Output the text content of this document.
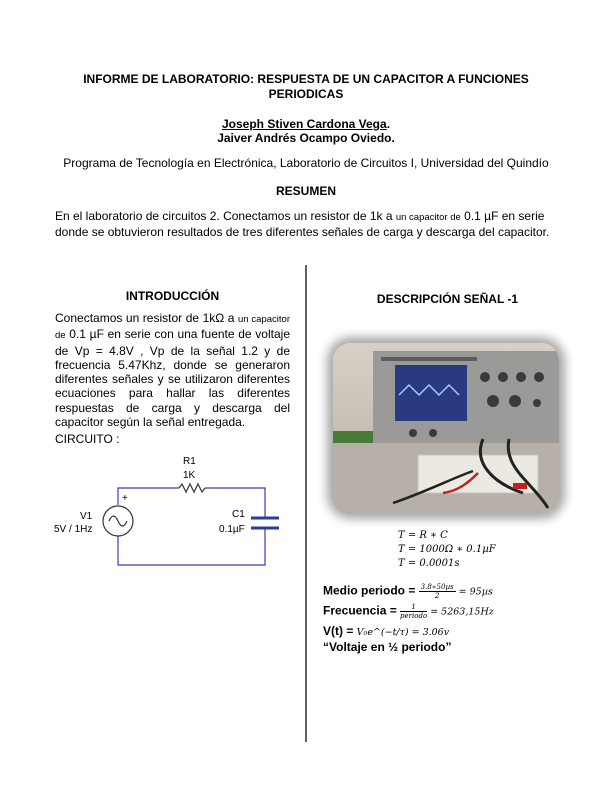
INFORME DE LABORATORIO: RESPUESTA DE UN CAPACITOR A FUNCIONES PERIODICAS
Joseph Stiven Cardona Vega.
Jaiver Andrés Ocampo Oviedo.
Programa de Tecnología en Electrónica, Laboratorio de Circuitos I, Universidad del Quindío
RESUMEN
En el laboratorio de circuitos 2. Conectamos un resistor de 1k a un capacitor de 0.1 µF en serie donde se obtuvieron resultados de tres diferentes señales de carga y descarga del capacitor.
INTRODUCCIÓN
Conectamos un resistor de 1kΩ a un capacitor de 0.1 µF en serie con una fuente de voltaje de Vp = 4.8V , Vp de la señal 1.2 y de frecuencia 5.47Khz, donde se generaron diferentes señales y se utilizaron diferentes ecuaciones para hallar las diferentes respuestas de carga y descarga del capacitor según la señal entregada.
CIRCUITO :
R1
1K
V1
5V / 1Hz
+
C1
0.1µF
DESCRIPCIÓN SEÑAL -1
T = R ∗ C
T = 1000Ω ∗ 0.1µF
T = 0.0001s
Medio periodo = $\frac{\text{3.8∗50µs}}{2} = 95\mu s$
Frecuencia = $\frac{1}{\text{periodo}} = 5263,15Hz$
V(t) = V₀e^(−t/τ) = 3.06v
“Voltaje en ½ periodo”
